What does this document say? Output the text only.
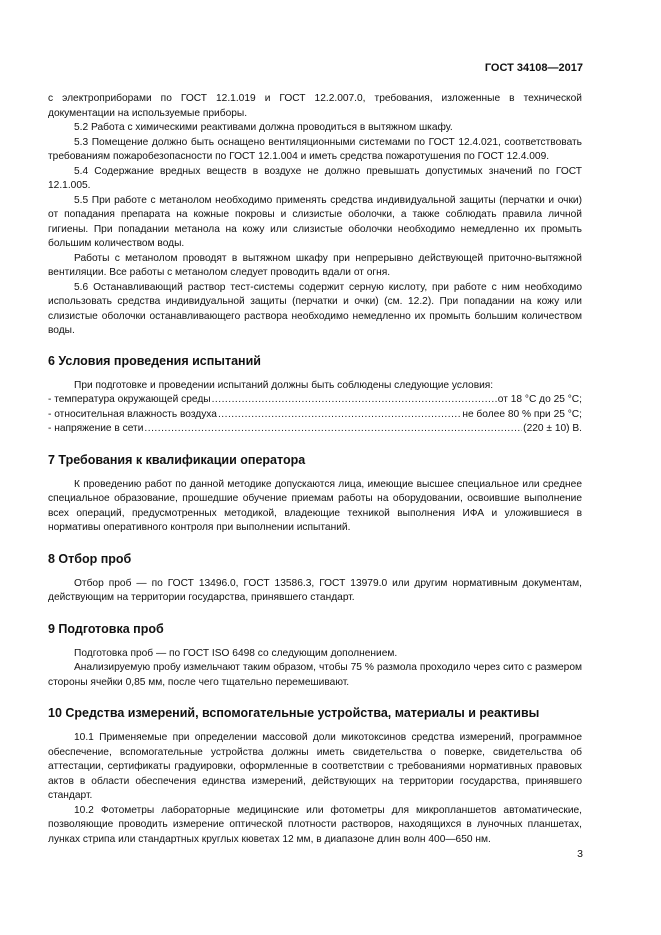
ГОСТ 34108—2017

с электроприборами по ГОСТ 12.1.019 и ГОСТ 12.2.007.0, требования, изложенные в технической документации на используемые приборы.

5.2 Работа с химическими реактивами должна проводиться в вытяжном шкафу.

5.3 Помещение должно быть оснащено вентиляционными системами по ГОСТ 12.4.021, соответствовать требованиям пожаробезопасности по ГОСТ 12.1.004 и иметь средства пожаротушения по ГОСТ 12.4.009.

5.4 Содержание вредных веществ в воздухе не должно превышать допустимых значений по ГОСТ 12.1.005.

5.5 При работе с метанолом необходимо применять средства индивидуальной защиты (перчатки и очки) от попадания препарата на кожные покровы и слизистые оболочки, а также соблюдать правила личной гигиены. При попадании метанола на кожу или слизистые оболочки необходимо немедленно их промыть большим количеством воды.

Работы с метанолом проводят в вытяжном шкафу при непрерывно действующей приточно-вытяжной вентиляции. Все работы с метанолом следует проводить вдали от огня.

5.6 Останавливающий раствор тест-системы содержит серную кислоту, при работе с ним необходимо использовать средства индивидуальной защиты (перчатки и очки) (см. 12.2). При попадании на кожу или слизистые оболочки останавливающего раствора необходимо немедленно их промыть большим количеством воды.

6 Условия проведения испытаний

При подготовке и проведении испытаний должны быть соблюдены следующие условия:

- температура окружающей среды .....	от 18 °С до 25 °С;
- относительная влажность воздуха .....	не более 80 % при 25 °С;
- напряжение в сети .....	(220 ± 10) В.
7 Требования к квалификации оператора

К проведению работ по данной методике допускаются лица, имеющие высшее специальное или среднее специальное образование, прошедшие обучение приемам работы на оборудовании, освоившие выполнение всех операций, предусмотренных методикой, владеющие техникой выполнения ИФА и уложившиеся в нормативы оперативного контроля при выполнении испытаний.

8 Отбор проб

Отбор проб — по ГОСТ 13496.0, ГОСТ 13586.3, ГОСТ 13979.0 или другим нормативным документам, действующим на территории государства, принявшего стандарт.

9 Подготовка проб

Подготовка проб — по ГОСТ ISO 6498 со следующим дополнением.

Анализируемую пробу измельчают таким образом, чтобы 75 % размола проходило через сито с размером стороны ячейки 0,85 мм, после чего тщательно перемешивают.

10 Средства измерений, вспомогательные устройства, материалы и реактивы

10.1 Применяемые при определении массовой доли микотоксинов средства измерений, программное обеспечение, вспомогательные устройства должны иметь свидетельства о поверке, свидетельства об аттестации, сертификаты градуировки, оформленные в соответствии с требованиями нормативных правовых актов в области обеспечения единства измерений, действующих на территории государства, принявшего стандарт.

10.2 Фотометры лабораторные медицинские или фотометры для микропланшетов автоматические, позволяющие проводить измерение оптической плотности растворов, находящихся в луночных планшетах, лунках стрипа или стандартных круглых кюветах 12 мм, в диапазоне длин волн 400—650 нм.

3
